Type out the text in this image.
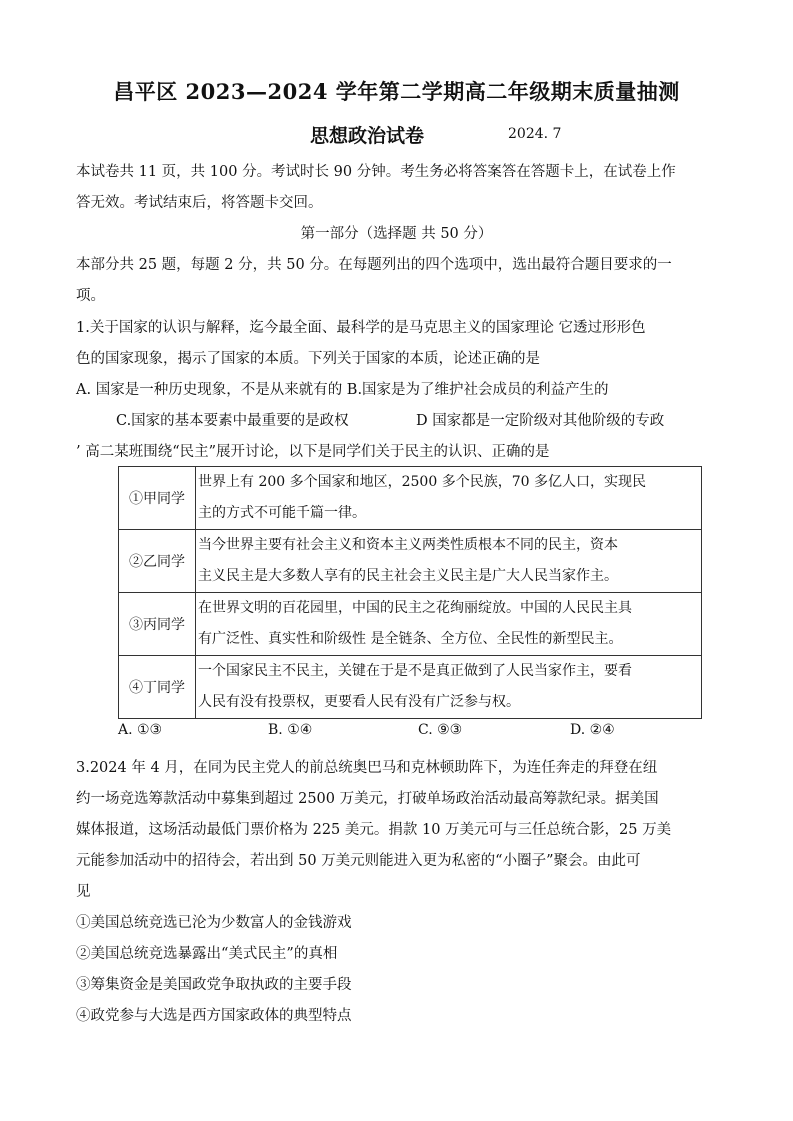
昌平区 2023—2024 学年第二学期高二年级期末质量抽测
思想政治试卷	2024. 7
本试卷共 11 页，共 100 分。考试时长 90 分钟。考生务必将答案答在答题卡上，在试卷上作
答无效。考试结束后，将答题卡交回。
第一部分（选择题 共 50 分）
本部分共 25 题，每题 2 分，共 50 分。在每题列出的四个选项中，选出最符合题目要求的一
项。
1.关于国家的认识与解释，迄今最全面、最科学的是马克思主义的国家理论 它透过形形色
色的国家现象，揭示了国家的本质。下列关于国家的本质，论述正确的是
A. 国家是一种历史现象，不是从来就有的 B.国家是为了维护社会成员的利益产生的
C.国家的基本要素中最重要的是政权	D 国家都是一定阶级对其他阶级的专政
’ 高二某班围绕“民主”展开讨论，以下是同学们关于民主的认识、正确的是
①甲同学	世界上有 200 多个国家和地区，2500 多个民族，70 多亿人口，实现民
主的方式不可能千篇一律。
②乙同学	当今世界主要有社会主义和资本主义两类性质根本不同的民主，资本
主义民主是大多数人享有的民主社会主义民主是广大人民当家作主。
③丙同学	在世界文明的百花园里，中国的民主之花绚丽绽放。中国的人民民主具
有广泛性、真实性和阶级性 是全链条、全方位、全民性的新型民主。
④丁同学	一个国家民主不民主，关键在于是不是真正做到了人民当家作主，要看
人民有没有投票权，更要看人民有没有广泛参与权。
A. ①③	B. ①④	C. ⑨③	D. ②④
3.2024 年 4 月，在同为民主党人的前总统奥巴马和克林顿助阵下，为连任奔走的拜登在纽
约一场竞选筹款活动中募集到超过 2500 万美元，打破单场政治活动最高筹款纪录。据美国
媒体报道，这场活动最低门票价格为 225 美元。捐款 10 万美元可与三任总统合影，25 万美
元能参加活动中的招待会，若出到 50 万美元则能进入更为私密的“小圈子”聚会。由此可
见
①美国总统竞选已沦为少数富人的金钱游戏
②美国总统竞选暴露出“美式民主”的真相
③筹集资金是美国政党争取执政的主要手段
④政党参与大选是西方国家政体的典型特点
